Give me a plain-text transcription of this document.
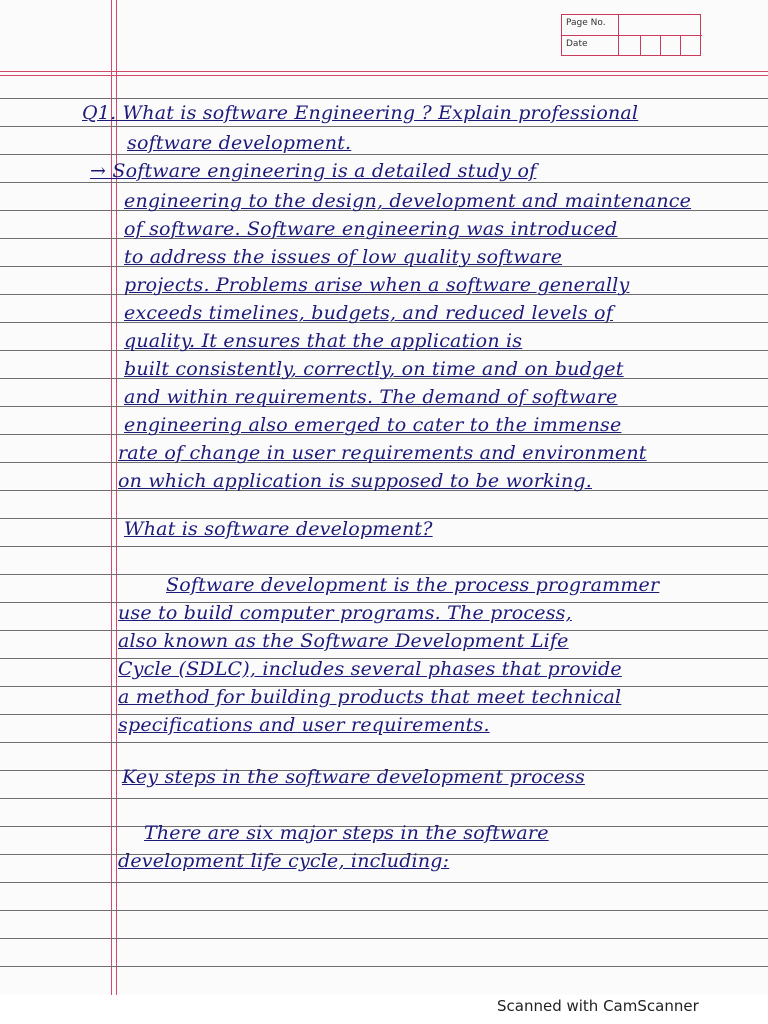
Page No.
Date
Q1. What is software Engineering ? Explain professional
software development.
→ Software engineering is a detailed study of
engineering to the design, development and maintenance
of software. Software engineering was introduced
to address the issues of low quality software
projects. Problems arise when a software generally
exceeds timelines, budgets, and reduced levels of
quality. It ensures that the application is
built consistently, correctly, on time and on budget
and within requirements. The demand of software
engineering also emerged to cater to the immense
rate of change in user requirements and environment
on which application is supposed to be working.
What is software development?
Software development is the process programmer
use to build computer programs. The process,
also known as the Software Development Life
Cycle (SDLC), includes several phases that provide
a method for building products that meet technical
specifications and user requirements.
Key steps in the software development process
There are six major steps in the software
development life cycle, including:
Scanned with CamScanner
